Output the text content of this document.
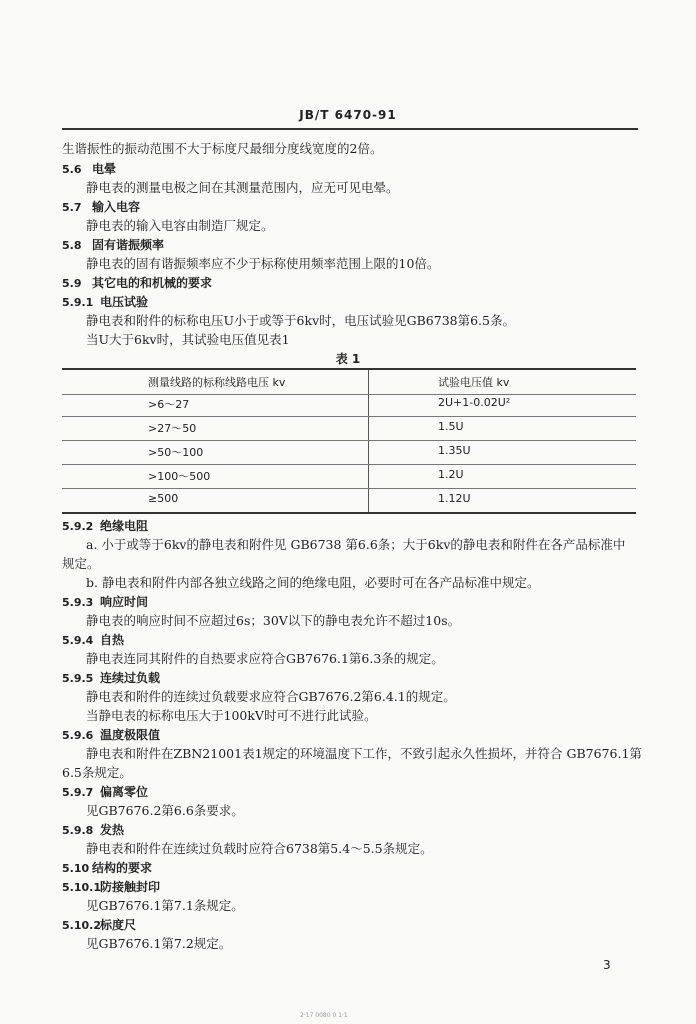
JB/T 6470-91
生谐振性的振动范围不大于标度尺最细分度线宽度的2倍。
5.6 电晕
静电表的测量电极之间在其测量范围内，应无可见电晕。
5.7 输入电容
静电表的输入电容由制造厂规定。
5.8 固有谐振频率
静电表的固有谐振频率应不少于标称使用频率范围上限的10倍。
5.9 其它电的和机械的要求
5.9.1 电压试验
静电表和附件的标称电压U小于或等于6kv时，电压试验见GB6738第6.5条。
当U大于6kv时，其试验电压值见表1
5.9.2 绝缘电阻
a. 小于或等于6kv的静电表和附件见 GB6738 第6.6条；大于6kv的静电表和附件在各产品标准中
规定。
b. 静电表和附件内部各独立线路之间的绝缘电阻，必要时可在各产品标准中规定。
5.9.3 响应时间
静电表的响应时间不应超过6s；30V以下的静电表允许不超过10s。
5.9.4 自热
静电表连同其附件的自热要求应符合GB7676.1第6.3条的规定。
5.9.5 连续过负载
静电表和附件的连续过负载要求应符合GB7676.2第6.4.1的规定。
当静电表的标称电压大于100kV时可不进行此试验。
5.9.6 温度极限值
静电表和附件在ZBN21001表1规定的环境温度下工作，不致引起永久性损坏，并符合 GB7676.1第
6.5条规定。
5.9.7 偏离零位
见GB7676.2第6.6条要求。
5.9.8 发热
静电表和附件在连续过负载时应符合6738第5.4～5.5条规定。
5.10 结构的要求
5.10.1防接触封印
见GB7676.1第7.1条规定。
5.10.2标度尺
见GB7676.1第7.2规定。
表 1
测量线路的标称线路电压 kv	试验电压值 kv
>6～27	2U+1-0.02U²
>27～50	1.5U
>50～100	1.35U
>100～500	1.2U
≥500	1.12U
3
2·17 0080 0 1·1
